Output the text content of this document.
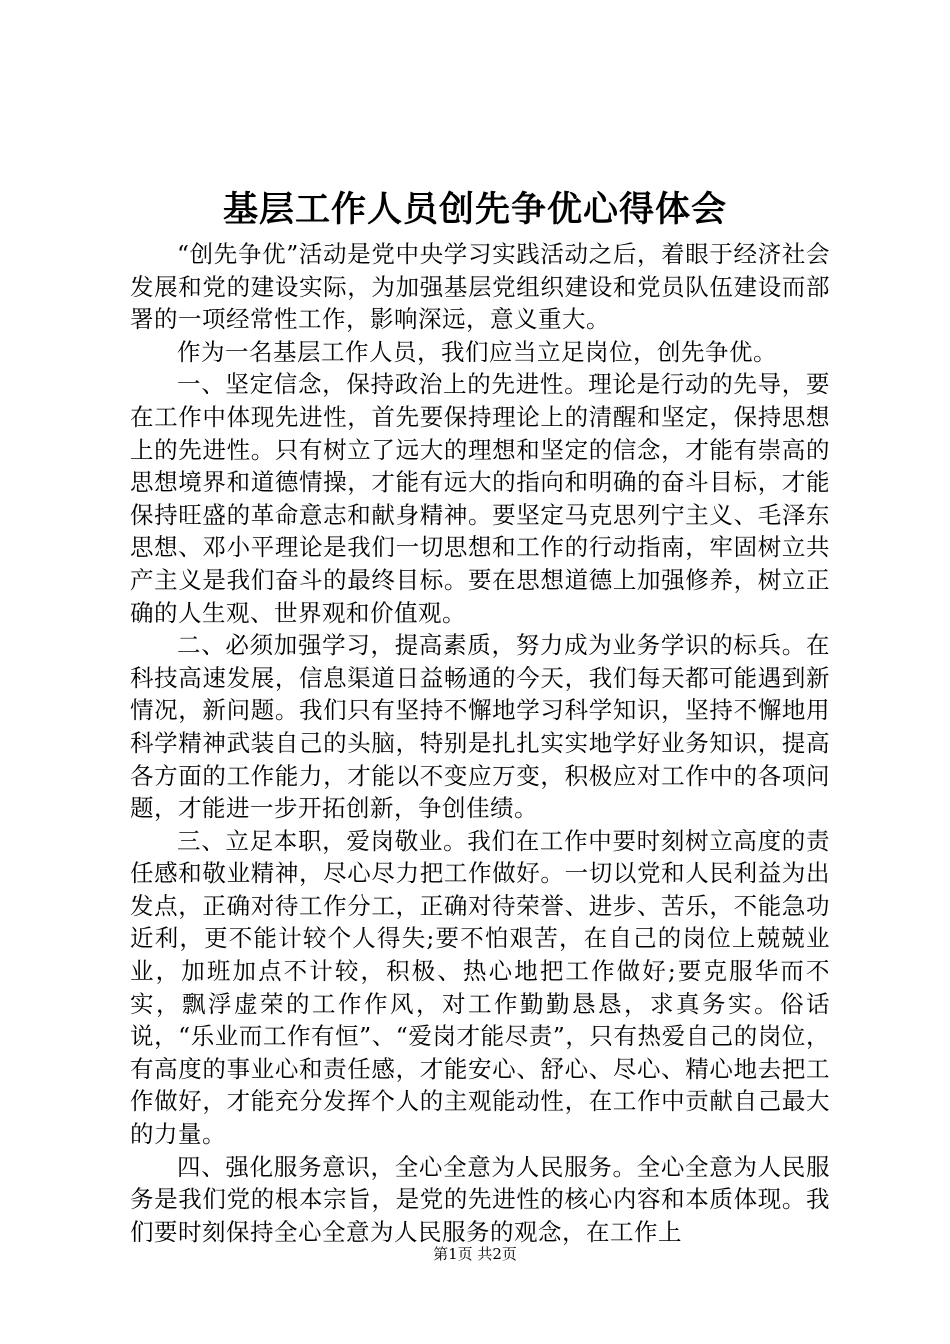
基层工作人员创先争优心得体会

“创先争优”活动是党中央学习实践活动之后，着眼于经济社会发展和党的建设实际，为加强基层党组织建设和党员队伍建设而部署的一项经常性工作，影响深远，意义重大。

作为一名基层工作人员，我们应当立足岗位，创先争优。

一、坚定信念，保持政治上的先进性。理论是行动的先导，要在工作中体现先进性，首先要保持理论上的清醒和坚定，保持思想上的先进性。只有树立了远大的理想和坚定的信念，才能有崇高的思想境界和道德情操，才能有远大的指向和明确的奋斗目标，才能保持旺盛的革命意志和献身精神。要坚定马克思列宁主义、毛泽东思想、邓小平理论是我们一切思想和工作的行动指南，牢固树立共产主义是我们奋斗的最终目标。要在思想道德上加强修养，树立正确的人生观、世界观和价值观。

二、必须加强学习，提高素质，努力成为业务学识的标兵。在科技高速发展，信息渠道日益畅通的今天，我们每天都可能遇到新情况，新问题。我们只有坚持不懈地学习科学知识，坚持不懈地用科学精神武装自己的头脑，特别是扎扎实实地学好业务知识，提高各方面的工作能力，才能以不变应万变，积极应对工作中的各项问题，才能进一步开拓创新，争创佳绩。

三、立足本职，爱岗敬业。我们在工作中要时刻树立高度的责任感和敬业精神，尽心尽力把工作做好。一切以党和人民利益为出发点，正确对待工作分工，正确对待荣誉、进步、苦乐，不能急功近利，更不能计较个人得失;要不怕艰苦，在自己的岗位上兢兢业业，加班加点不计较，积极、热心地把工作做好;要克服华而不实，飘浮虚荣的工作作风，对工作勤勤恳恳，求真务实。俗话说，“乐业而工作有恒”、“爱岗才能尽责”，只有热爱自己的岗位，有高度的事业心和责任感，才能安心、舒心、尽心、精心地去把工作做好，才能充分发挥个人的主观能动性，在工作中贡献自己最大的力量。

四、强化服务意识，全心全意为人民服务。全心全意为人民服务是我们党的根本宗旨，是党的先进性的核心内容和本质体现。我们要时刻保持全心全意为人民服务的观念，在工作上

第1页 共2页
